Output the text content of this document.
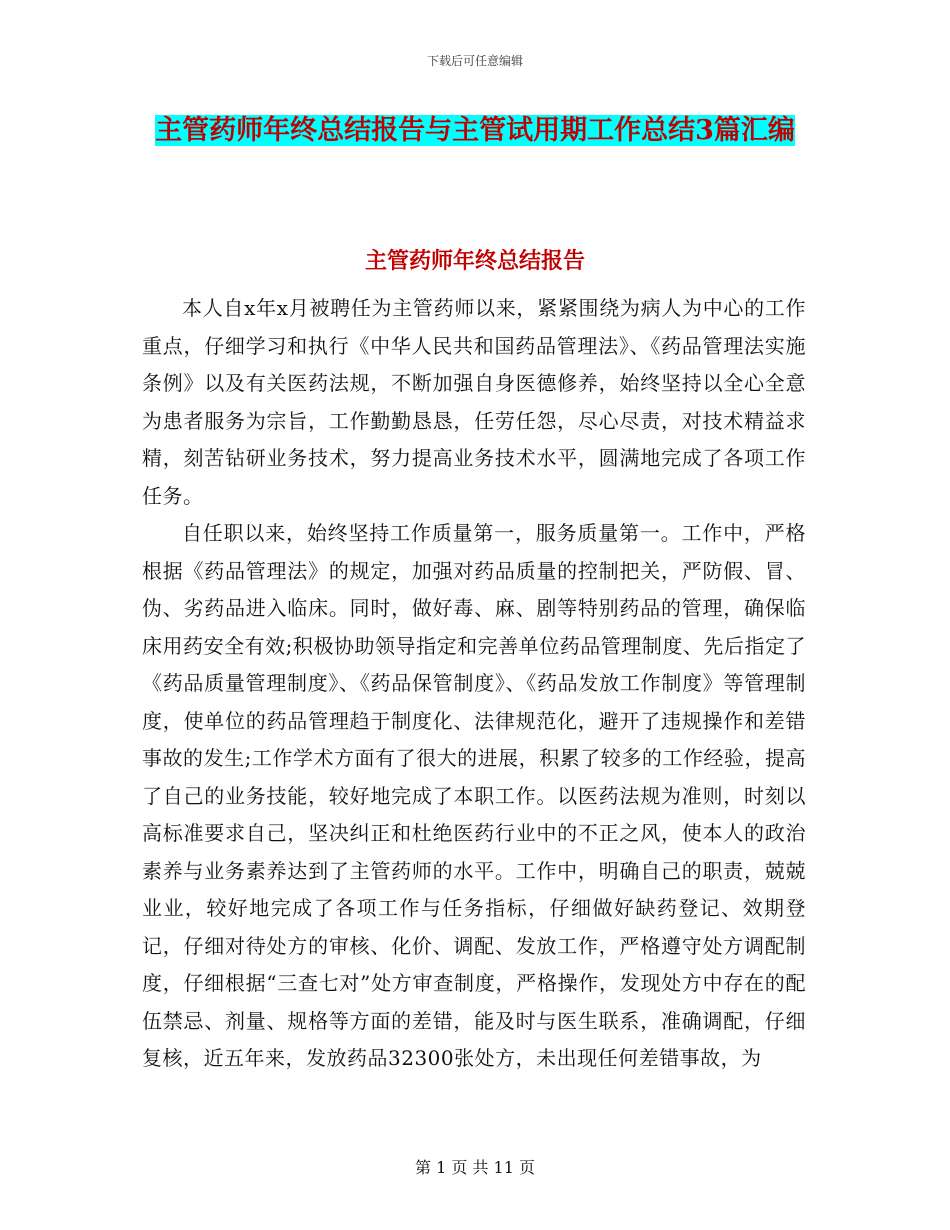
下载后可任意编辑
主管药师年终总结报告与主管试用期工作总结3篇汇编
主管药师年终总结报告

本人自x年x月被聘任为主管药师以来，紧紧围绕为病人为中心的工作重点，仔细学习和执行《中华人民共和国药品管理法》、《药品管理法实施条例》以及有关医药法规，不断加强自身医德修养，始终坚持以全心全意为患者服务为宗旨，工作勤勤恳恳，任劳任怨，尽心尽责，对技术精益求精，刻苦钻研业务技术，努力提高业务技术水平，圆满地完成了各项工作任务。

自任职以来，始终坚持工作质量第一，服务质量第一。工作中，严格根据《药品管理法》的规定，加强对药品质量的控制把关，严防假、冒、伪、劣药品进入临床。同时，做好毒、麻、剧等特别药品的管理，确保临床用药安全有效;积极协助领导指定和完善单位药品管理制度、先后指定了《药品质量管理制度》、《药品保管制度》、《药品发放工作制度》等管理制度，使单位的药品管理趋于制度化、法律规范化，避开了违规操作和差错事故的发生;工作学术方面有了很大的进展，积累了较多的工作经验，提高了自己的业务技能，较好地完成了本职工作。以医药法规为准则，时刻以高标准要求自己，坚决纠正和杜绝医药行业中的不正之风，使本人的政治素养与业务素养达到了主管药师的水平。工作中，明确自己的职责，兢兢业业，较好地完成了各项工作与任务指标，仔细做好缺药登记、效期登记，仔细对待处方的审核、化价、调配、发放工作，严格遵守处方调配制度，仔细根据“三查七对”处方审查制度，严格操作，发现处方中存在的配伍禁忌、剂量、规格等方面的差错，能及时与医生联系，准确调配，仔细复核，近五年来，发放药品32300张处方，未出现任何差错事故，为

第 1 页 共 11 页
